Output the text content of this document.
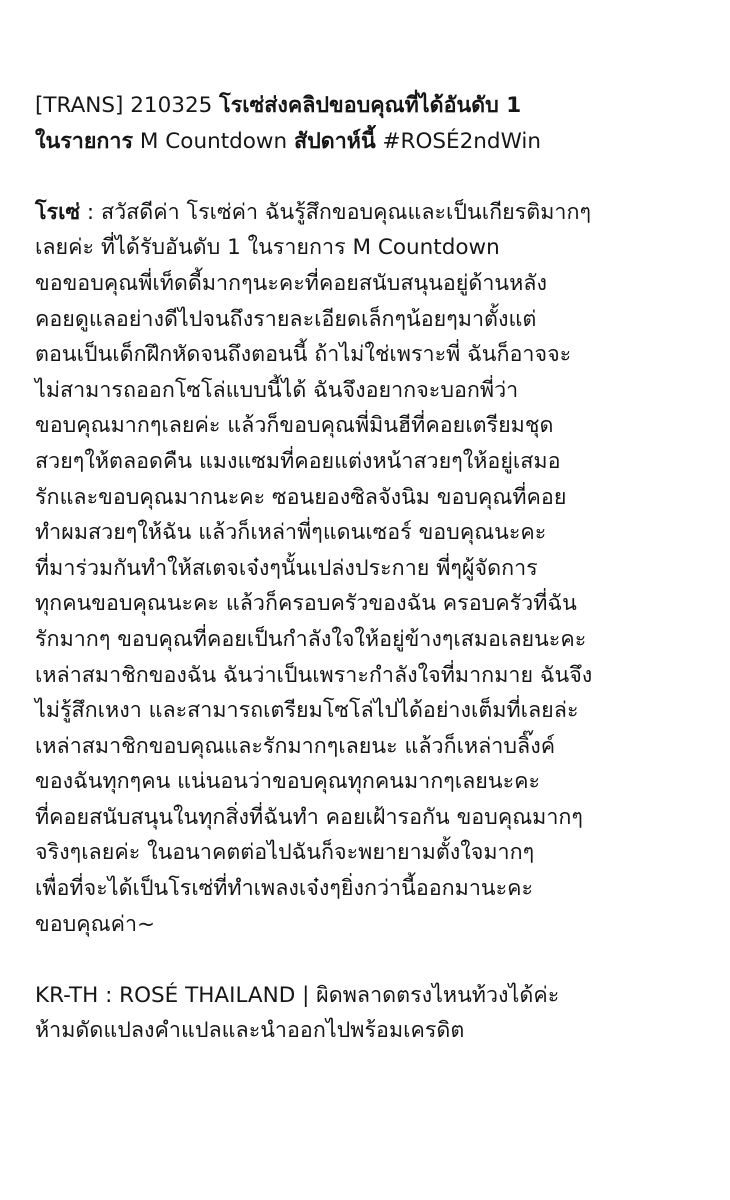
[TRANS] 210325 โรเซ่ส่งคลิปขอบคุณที่ได้อันดับ 1
ในรายการ M Countdown สัปดาห์นี้ #ROSÉ2ndWin
โรเซ่ : สวัสดีค่า โรเซ่ค่า ฉันรู้สึกขอบคุณและเป็นเกียรติมากๆ
เลยค่ะ ที่ได้รับอันดับ 1 ในรายการ M Countdown
ขอขอบคุณพี่เท็ดดี้มากๆนะคะที่คอยสนับสนุนอยู่ด้านหลัง
คอยดูแลอย่างดีไปจนถึงรายละเอียดเล็กๆน้อยๆมาตั้งแต่
ตอนเป็นเด็กฝึกหัดจนถึงตอนนี้ ถ้าไม่ใช่เพราะพี่ ฉันก็อาจจะ
ไม่สามารถออกโซโล่แบบนี้ได้ ฉันจึงอยากจะบอกพี่ว่า
ขอบคุณมากๆเลยค่ะ แล้วก็ขอบคุณพี่มินฮีที่คอยเตรียมชุด
สวยๆให้ตลอดคืน แมงแซมที่คอยแต่งหน้าสวยๆให้อยู่เสมอ
รักและขอบคุณมากนะคะ ซอนยองซิลจังนิม ขอบคุณที่คอย
ทำผมสวยๆให้ฉัน แล้วก็เหล่าพี่ๆแดนเซอร์ ขอบคุณนะคะ
ที่มาร่วมกันทำให้สเตจเจ๋งๆนั้นเปล่งประกาย พี่ๆผู้จัดการ
ทุกคนขอบคุณนะคะ แล้วก็ครอบครัวของฉัน ครอบครัวที่ฉัน
รักมากๆ ขอบคุณที่คอยเป็นกำลังใจให้อยู่ข้างๆเสมอเลยนะคะ
เหล่าสมาชิกของฉัน ฉันว่าเป็นเพราะกำลังใจที่มากมาย ฉันจึง
ไม่รู้สึกเหงา และสามารถเตรียมโซโล่ไปได้อย่างเต็มที่เลยล่ะ
เหล่าสมาชิกขอบคุณและรักมากๆเลยนะ แล้วก็เหล่าบลิ๊งค์
ของฉันทุกๆคน แน่นอนว่าขอบคุณทุกคนมากๆเลยนะคะ
ที่คอยสนับสนุนในทุกสิ่งที่ฉันทำ คอยเฝ้ารอกัน ขอบคุณมากๆ
จริงๆเลยค่ะ ในอนาคตต่อไปฉันก็จะพยายามตั้งใจมากๆ
เพื่อที่จะได้เป็นโรเซ่ที่ทำเพลงเจ๋งๆยิ่งกว่านี้ออกมานะคะ
ขอบคุณค่า~
KR-TH : ROSÉ THAILAND | ผิดพลาดตรงไหนท้วงได้ค่ะ
ห้ามดัดแปลงคำแปลและนำออกไปพร้อมเครดิต
